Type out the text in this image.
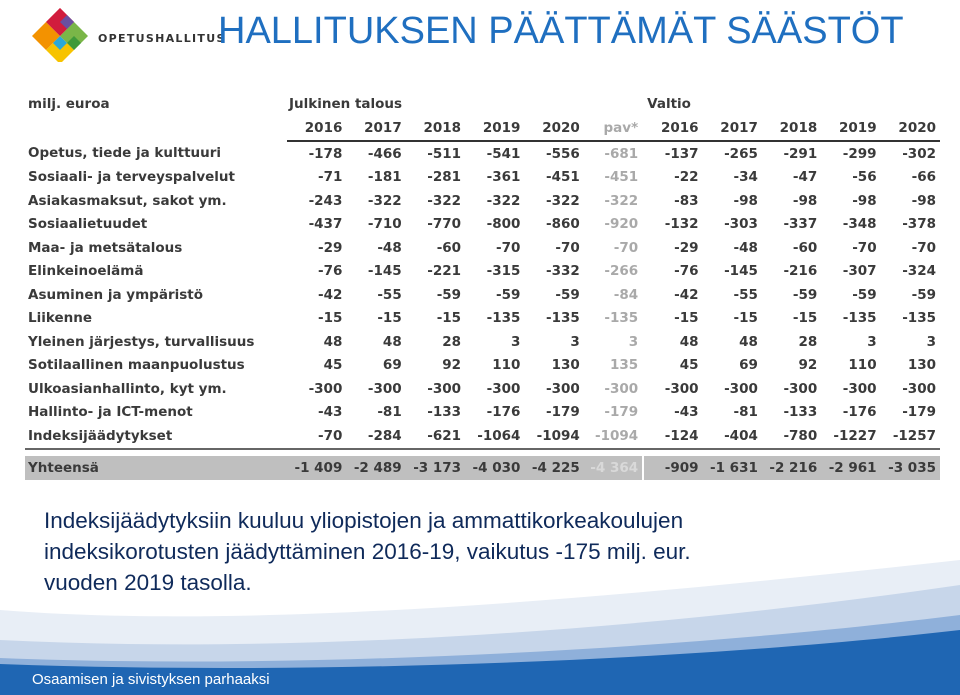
OPETUSHALLITUS
HALLITUKSEN PÄÄTTÄMÄT SÄÄSTÖT
milj. euroa	Julkinen talous						Valtio				
	2016	2017	2018	2019	2020	pav*	2016	2017	2018	2019	2020
Opetus, tiede ja kulttuuri	-178	-466	-511	-541	-556	-681	-137	-265	-291	-299	-302
Sosiaali- ja terveyspalvelut	-71	-181	-281	-361	-451	-451	-22	-34	-47	-56	-66
Asiakasmaksut, sakot ym.	-243	-322	-322	-322	-322	-322	-83	-98	-98	-98	-98
Sosiaalietuudet	-437	-710	-770	-800	-860	-920	-132	-303	-337	-348	-378
Maa- ja metsätalous	-29	-48	-60	-70	-70	-70	-29	-48	-60	-70	-70
Elinkeinoelämä	-76	-145	-221	-315	-332	-266	-76	-145	-216	-307	-324
Asuminen ja ympäristö	-42	-55	-59	-59	-59	-84	-42	-55	-59	-59	-59
Liikenne	-15	-15	-15	-135	-135	-135	-15	-15	-15	-135	-135
Yleinen järjestys, turvallisuus	48	48	28	3	3	3	48	48	28	3	3
Sotilaallinen maanpuolustus	45	69	92	110	130	135	45	69	92	110	130
Ulkoasianhallinto, kyt ym.	-300	-300	-300	-300	-300	-300	-300	-300	-300	-300	-300
Hallinto- ja ICT-menot	-43	-81	-133	-176	-179	-179	-43	-81	-133	-176	-179
Indeksijäädytykset	-70	-284	-621	-1064	-1094	-1094	-124	-404	-780	-1227	-1257

Yhteensä	-1 409	-2 489	-3 173	-4 030	-4 225	-4 364	-909	-1 631	-2 216	-2 961	-3 035
Indeksijäädytyksiin kuuluu yliopistojen ja ammattikorkeakoulujen
indeksikorotusten jäädyttäminen 2016-19, vaikutus -175 milj. eur.
vuoden 2019 tasolla.
Osaamisen ja sivistyksen parhaaksi
